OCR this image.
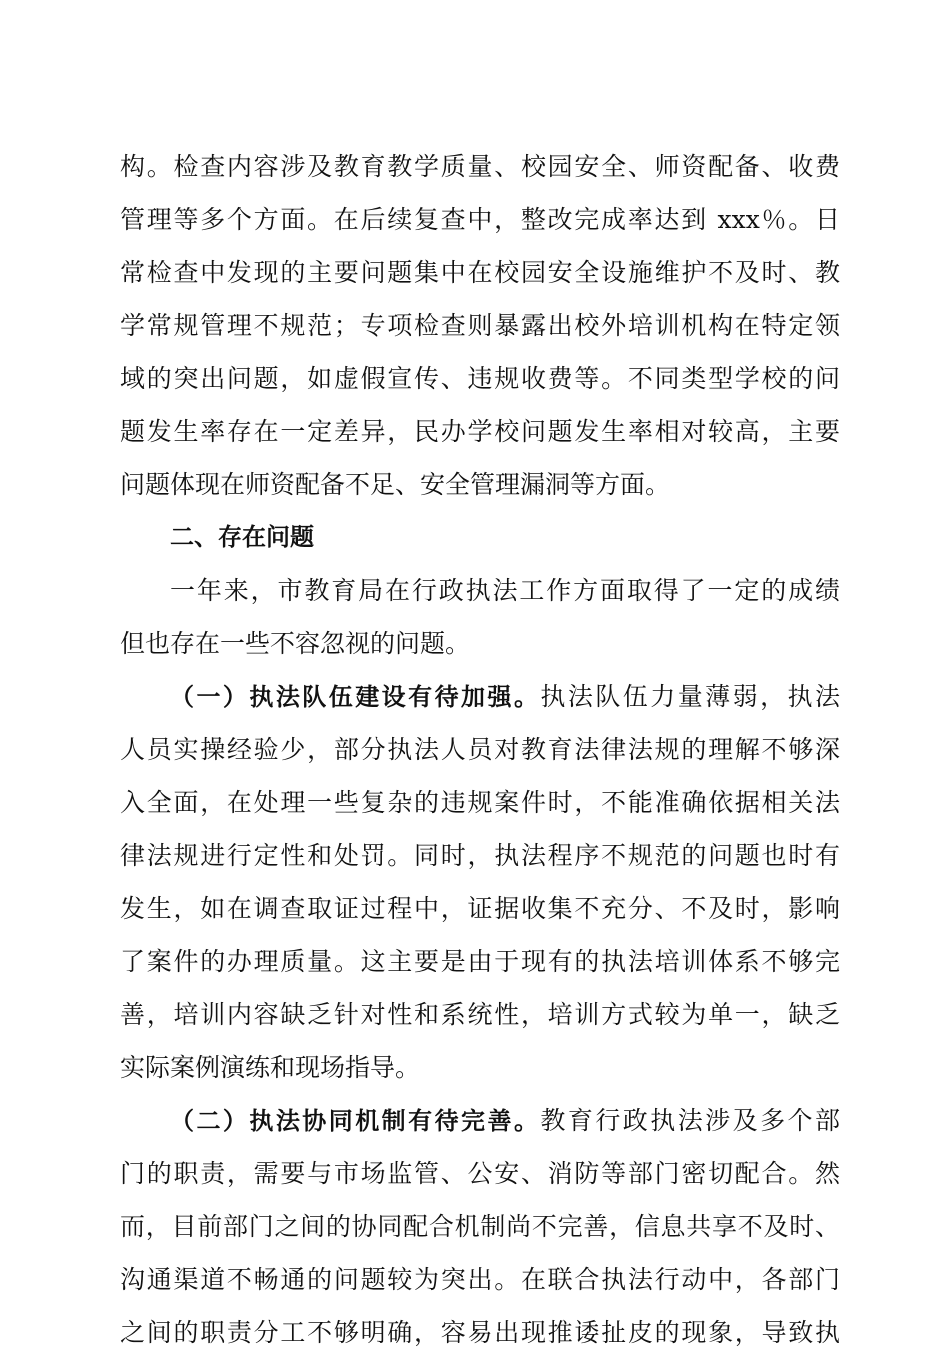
构。检查内容涉及教育教学质量、校园安全、师资配备、收费
管理等多个方面。在后续复查中，整改完成率达到 xxx％。日
常检查中发现的主要问题集中在校园安全设施维护不及时、教
学常规管理不规范；专项检查则暴露出校外培训机构在特定领
域的突出问题，如虚假宣传、违规收费等。不同类型学校的问
题发生率存在一定差异，民办学校问题发生率相对较高，主要
问题体现在师资配备不足、安全管理漏洞等方面。
二、存在问题
一年来，市教育局在行政执法工作方面取得了一定的成绩
但也存在一些不容忽视的问题。
（一）执法队伍建设有待加强。执法队伍力量薄弱，执法
人员实操经验少，部分执法人员对教育法律法规的理解不够深
入全面，在处理一些复杂的违规案件时，不能准确依据相关法
律法规进行定性和处罚。同时，执法程序不规范的问题也时有
发生，如在调查取证过程中，证据收集不充分、不及时，影响
了案件的办理质量。这主要是由于现有的执法培训体系不够完
善，培训内容缺乏针对性和系统性，培训方式较为单一，缺乏
实际案例演练和现场指导。
（二）执法协同机制有待完善。教育行政执法涉及多个部
门的职责，需要与市场监管、公安、消防等部门密切配合。然
而，目前部门之间的协同配合机制尚不完善，信息共享不及时、
沟通渠道不畅通的问题较为突出。在联合执法行动中，各部门
之间的职责分工不够明确，容易出现推诿扯皮的现象，导致执
